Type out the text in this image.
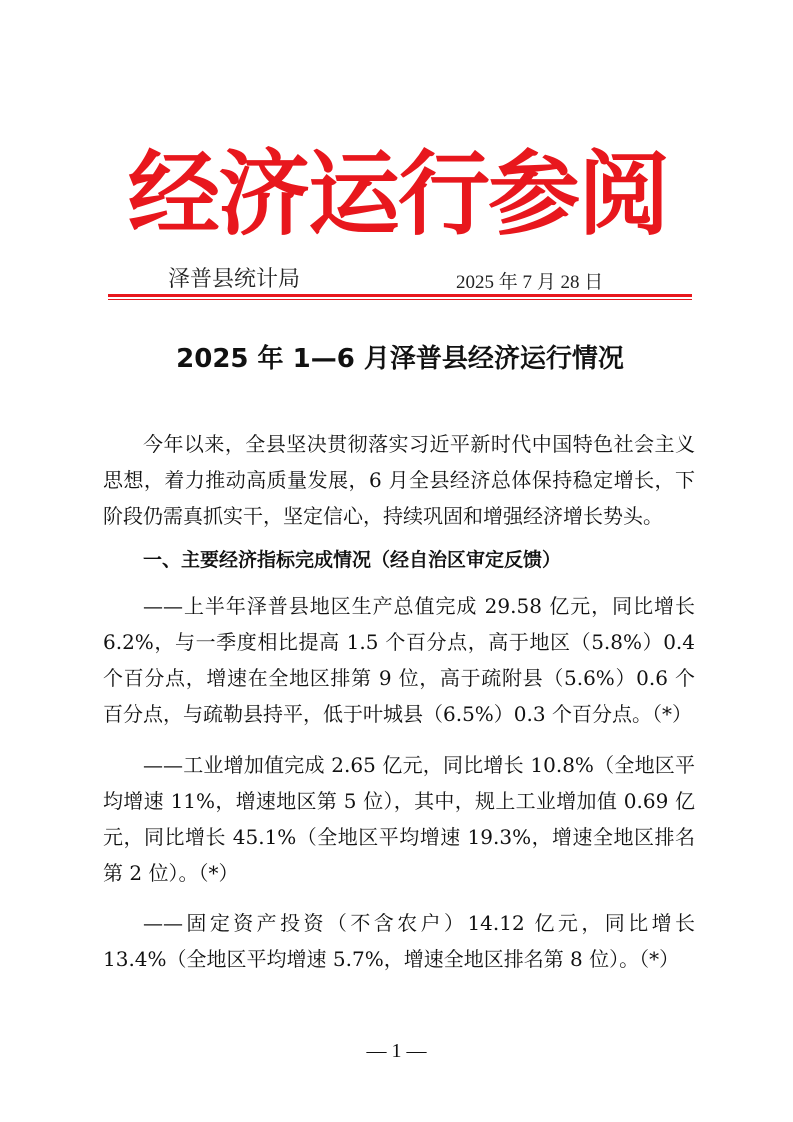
经济运行参阅
泽普县统计局	2025 年 7 月 28 日
2025 年 1—6 月泽普县经济运行情况

今年以来，全县坚决贯彻落实习近平新时代中国特色社会主义思想，着力推动高质量发展，6 月全县经济总体保持稳定增长，下阶段仍需真抓实干，坚定信心，持续巩固和增强经济增长势头。

一、主要经济指标完成情况（经自治区审定反馈）

——上半年泽普县地区生产总值完成 29.58 亿元，同比增长 6.2%，与一季度相比提高 1.5 个百分点，高于地区（5.8%）0.4 个百分点，增速在全地区排第 9 位，高于疏附县（5.6%）0.6 个百分点，与疏勒县持平，低于叶城县（6.5%）0.3 个百分点。（*）

——工业增加值完成 2.65 亿元，同比增长 10.8%（全地区平均增速 11%，增速地区第 5 位），其中，规上工业增加值 0.69 亿元，同比增长 45.1%（全地区平均增速 19.3%，增速全地区排名第 2 位）。（*）

——固定资产投资（不含农户）14.12 亿元，同比增长 13.4%（全地区平均增速 5.7%，增速全地区排名第 8 位）。（*）

— 1 —
